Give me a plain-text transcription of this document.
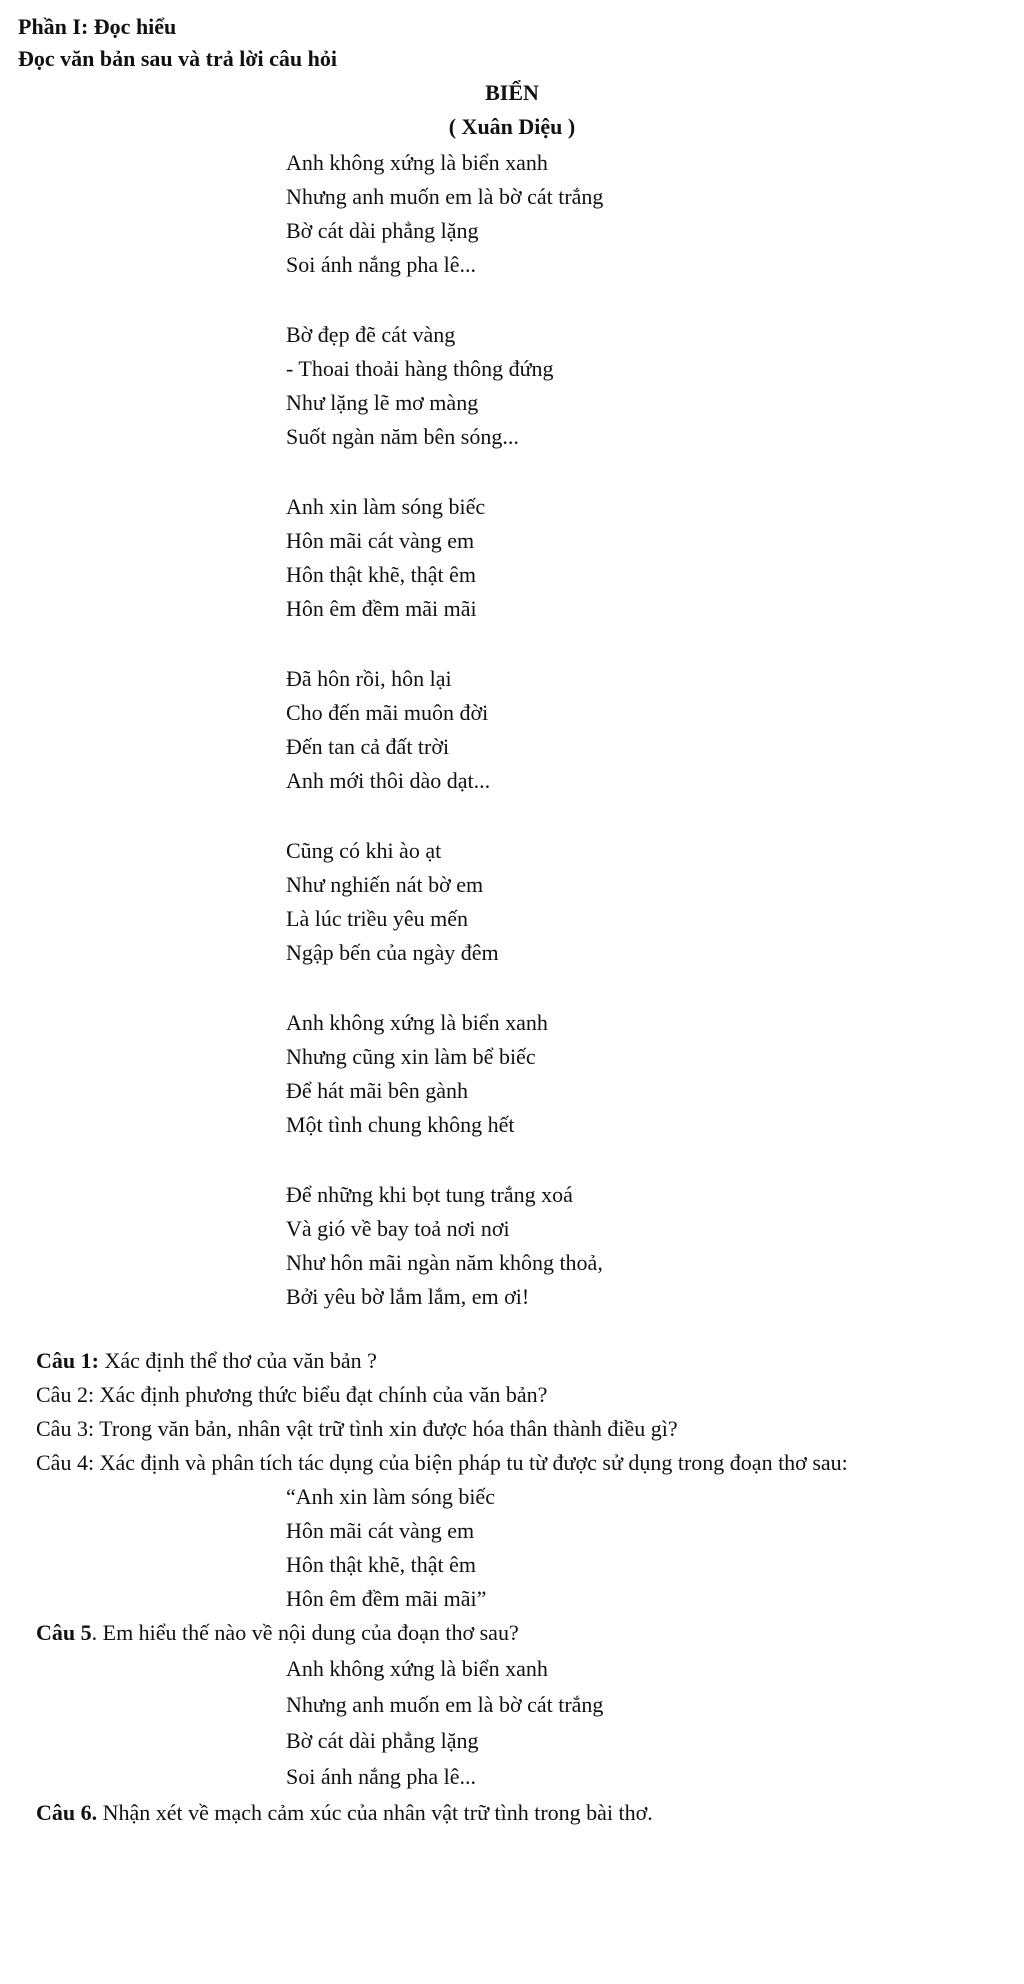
Phần I: Đọc hiểu
Đọc văn bản sau và trả lời câu hỏi
BIỂN
( Xuân Diệu )
Anh không xứng là biển xanh
Nhưng anh muốn em là bờ cát trắng
Bờ cát dài phẳng lặng
Soi ánh nắng pha lê...
Bờ đẹp đẽ cát vàng
- Thoai thoải hàng thông đứng
Như lặng lẽ mơ màng
Suốt ngàn năm bên sóng...
Anh xin làm sóng biếc
Hôn mãi cát vàng em
Hôn thật khẽ, thật êm
Hôn êm đềm mãi mãi
Đã hôn rồi, hôn lại
Cho đến mãi muôn đời
Đến tan cả đất trời
Anh mới thôi dào dạt...
Cũng có khi ào ạt
Như nghiến nát bờ em
Là lúc triều yêu mến
Ngập bến của ngày đêm
Anh không xứng là biển xanh
Nhưng cũng xin làm bể biếc
Để hát mãi bên gành
Một tình chung không hết
Để những khi bọt tung trắng xoá
Và gió về bay toả nơi nơi
Như hôn mãi ngàn năm không thoả,
Bởi yêu bờ lắm lắm, em ơi!
Câu 1: Xác định thể thơ của văn bản ?
Câu 2: Xác định phương thức biểu đạt chính của văn bản?
Câu 3: Trong văn bản, nhân vật trữ tình xin được hóa thân thành điều gì?
Câu 4: Xác định và phân tích tác dụng của biện pháp tu từ được sử dụng trong đoạn thơ sau:
“Anh xin làm sóng biếc
Hôn mãi cát vàng em
Hôn thật khẽ, thật êm
Hôn êm đềm mãi mãi”
Câu 5. Em hiểu thế nào về nội dung của đoạn thơ sau?
Anh không xứng là biển xanh
Nhưng anh muốn em là bờ cát trắng
Bờ cát dài phẳng lặng
Soi ánh nắng pha lê...
Câu 6. Nhận xét về mạch cảm xúc của nhân vật trữ tình trong bài thơ.
